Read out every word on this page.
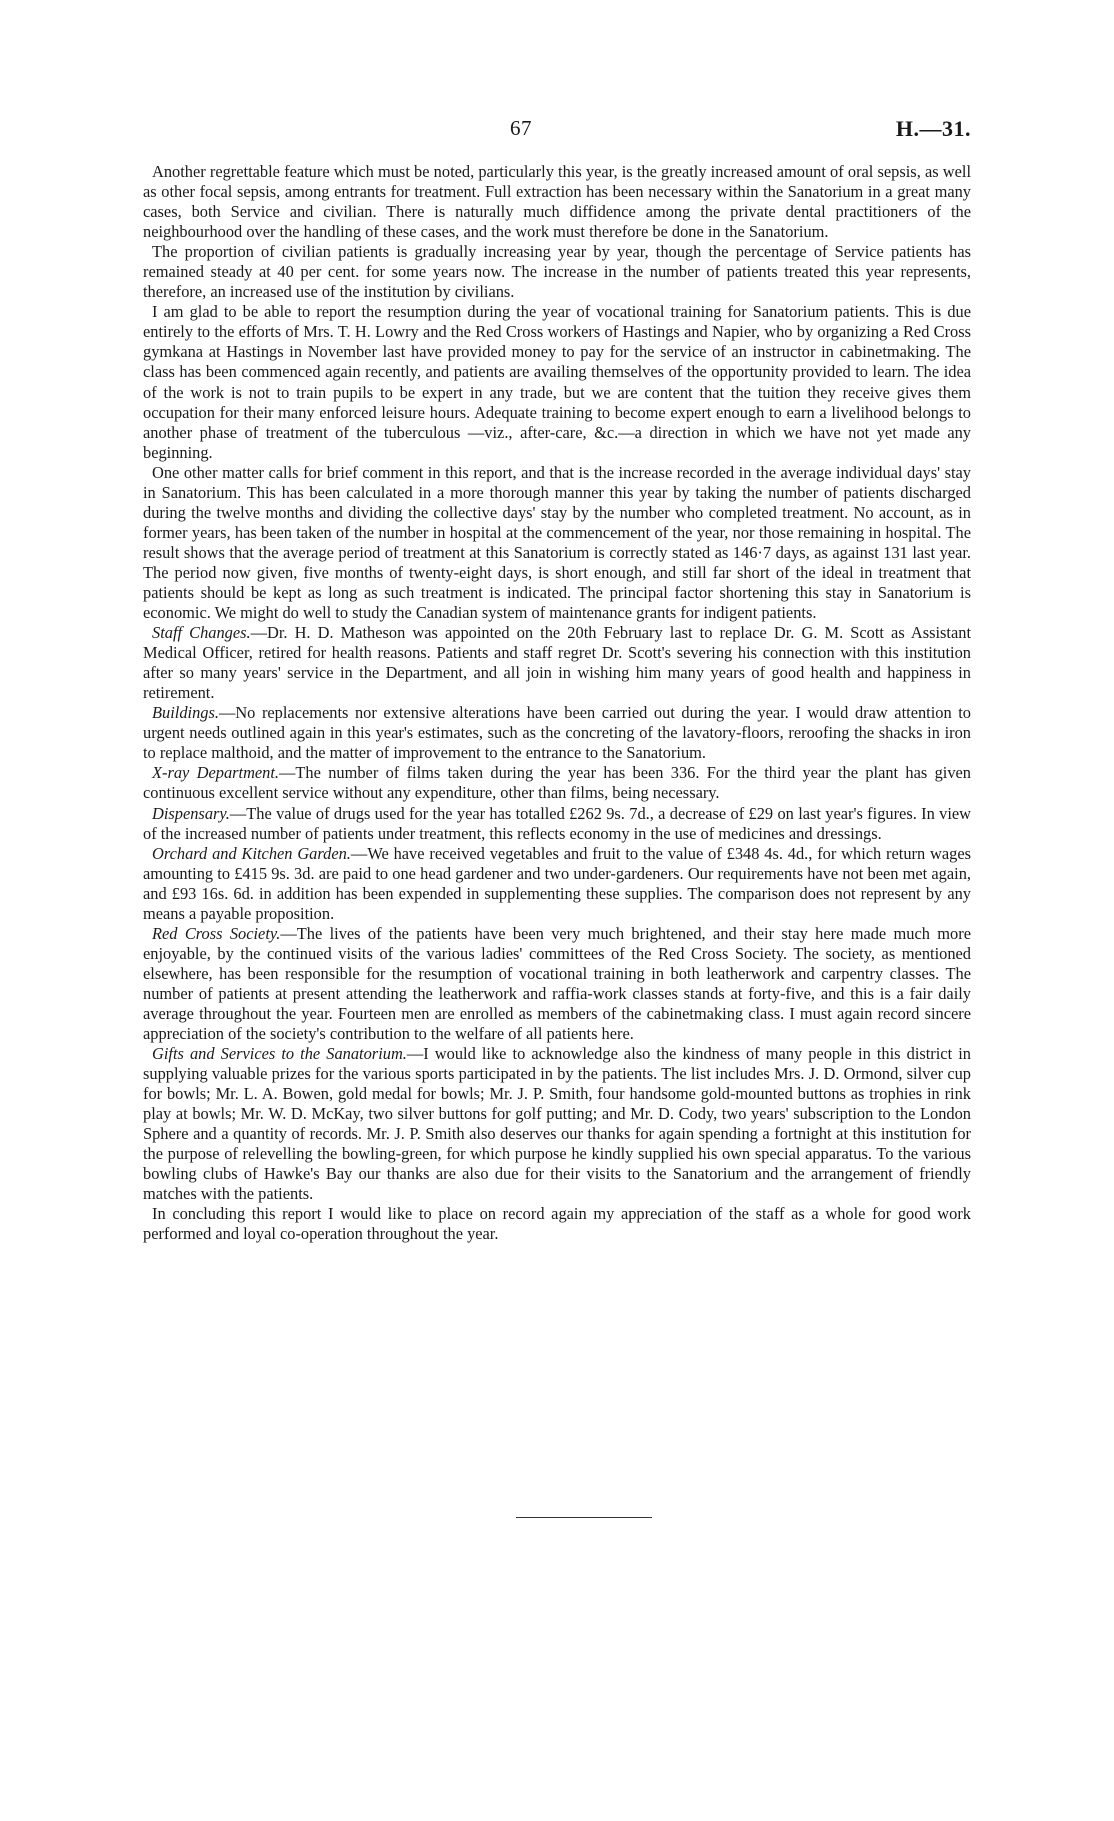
67	H.—31.

Another regrettable feature which must be noted, particularly this year, is the greatly increased amount of oral sepsis, as well as other focal sepsis, among entrants for treatment. Full extraction has been necessary within the Sanatorium in a great many cases, both Service and civilian. There is naturally much diffidence among the private dental practitioners of the neighbourhood over the handling of these cases, and the work must therefore be done in the Sanatorium.

The proportion of civilian patients is gradually increasing year by year, though the percentage of Service patients has remained steady at 40 per cent. for some years now. The increase in the number of patients treated this year represents, therefore, an increased use of the institution by civilians.

I am glad to be able to report the resumption during the year of vocational training for Sanatorium patients. This is due entirely to the efforts of Mrs. T. H. Lowry and the Red Cross workers of Hastings and Napier, who by organizing a Red Cross gymkana at Hastings in November last have provided money to pay for the service of an instructor in cabinetmaking. The class has been commenced again recently, and patients are availing themselves of the opportunity provided to learn. The idea of the work is not to train pupils to be expert in any trade, but we are content that the tuition they receive gives them occupation for their many enforced leisure hours. Adequate training to become expert enough to earn a livelihood belongs to another phase of treatment of the tuberculous —viz., after-care, &c.—a direction in which we have not yet made any beginning.

One other matter calls for brief comment in this report, and that is the increase recorded in the average individual days' stay in Sanatorium. This has been calculated in a more thorough manner this year by taking the number of patients discharged during the twelve months and dividing the collective days' stay by the number who completed treatment. No account, as in former years, has been taken of the number in hospital at the commencement of the year, nor those remaining in hospital. The result shows that the average period of treatment at this Sanatorium is correctly stated as 146·7 days, as against 131 last year. The period now given, five months of twenty-eight days, is short enough, and still far short of the ideal in treatment that patients should be kept as long as such treatment is indicated. The principal factor shortening this stay in Sanatorium is economic. We might do well to study the Canadian system of maintenance grants for indigent patients.

Staff Changes.—Dr. H. D. Matheson was appointed on the 20th February last to replace Dr. G. M. Scott as Assistant Medical Officer, retired for health reasons. Patients and staff regret Dr. Scott's severing his connection with this institution after so many years' service in the Department, and all join in wishing him many years of good health and happiness in retirement.

Buildings.—No replacements nor extensive alterations have been carried out during the year. I would draw attention to urgent needs outlined again in this year's estimates, such as the concreting of the lavatory-floors, reroofing the shacks in iron to replace malthoid, and the matter of improvement to the entrance to the Sanatorium.

X-ray Department.—The number of films taken during the year has been 336. For the third year the plant has given continuous excellent service without any expenditure, other than films, being necessary.

Dispensary.—The value of drugs used for the year has totalled £262 9s. 7d., a decrease of £29 on last year's figures. In view of the increased number of patients under treatment, this reflects economy in the use of medicines and dressings.

Orchard and Kitchen Garden.—We have received vegetables and fruit to the value of £348 4s. 4d., for which return wages amounting to £415 9s. 3d. are paid to one head gardener and two under-gardeners. Our requirements have not been met again, and £93 16s. 6d. in addition has been expended in supplementing these supplies. The comparison does not represent by any means a payable proposition.

Red Cross Society.—The lives of the patients have been very much brightened, and their stay here made much more enjoyable, by the continued visits of the various ladies' committees of the Red Cross Society. The society, as mentioned elsewhere, has been responsible for the resumption of vocational training in both leatherwork and carpentry classes. The number of patients at present attending the leatherwork and raffia-work classes stands at forty-five, and this is a fair daily average throughout the year. Fourteen men are enrolled as members of the cabinetmaking class. I must again record sincere appreciation of the society's contribution to the welfare of all patients here.

Gifts and Services to the Sanatorium.—I would like to acknowledge also the kindness of many people in this district in supplying valuable prizes for the various sports participated in by the patients. The list includes Mrs. J. D. Ormond, silver cup for bowls; Mr. L. A. Bowen, gold medal for bowls; Mr. J. P. Smith, four handsome gold-mounted buttons as trophies in rink play at bowls; Mr. W. D. McKay, two silver buttons for golf putting; and Mr. D. Cody, two years' subscription to the London Sphere and a quantity of records. Mr. J. P. Smith also deserves our thanks for again spending a fortnight at this institution for the purpose of relevelling the bowling-green, for which purpose he kindly supplied his own special apparatus. To the various bowling clubs of Hawke's Bay our thanks are also due for their visits to the Sanatorium and the arrangement of friendly matches with the patients.

In concluding this report I would like to place on record again my appreciation of the staff as a whole for good work performed and loyal co-operation throughout the year.
